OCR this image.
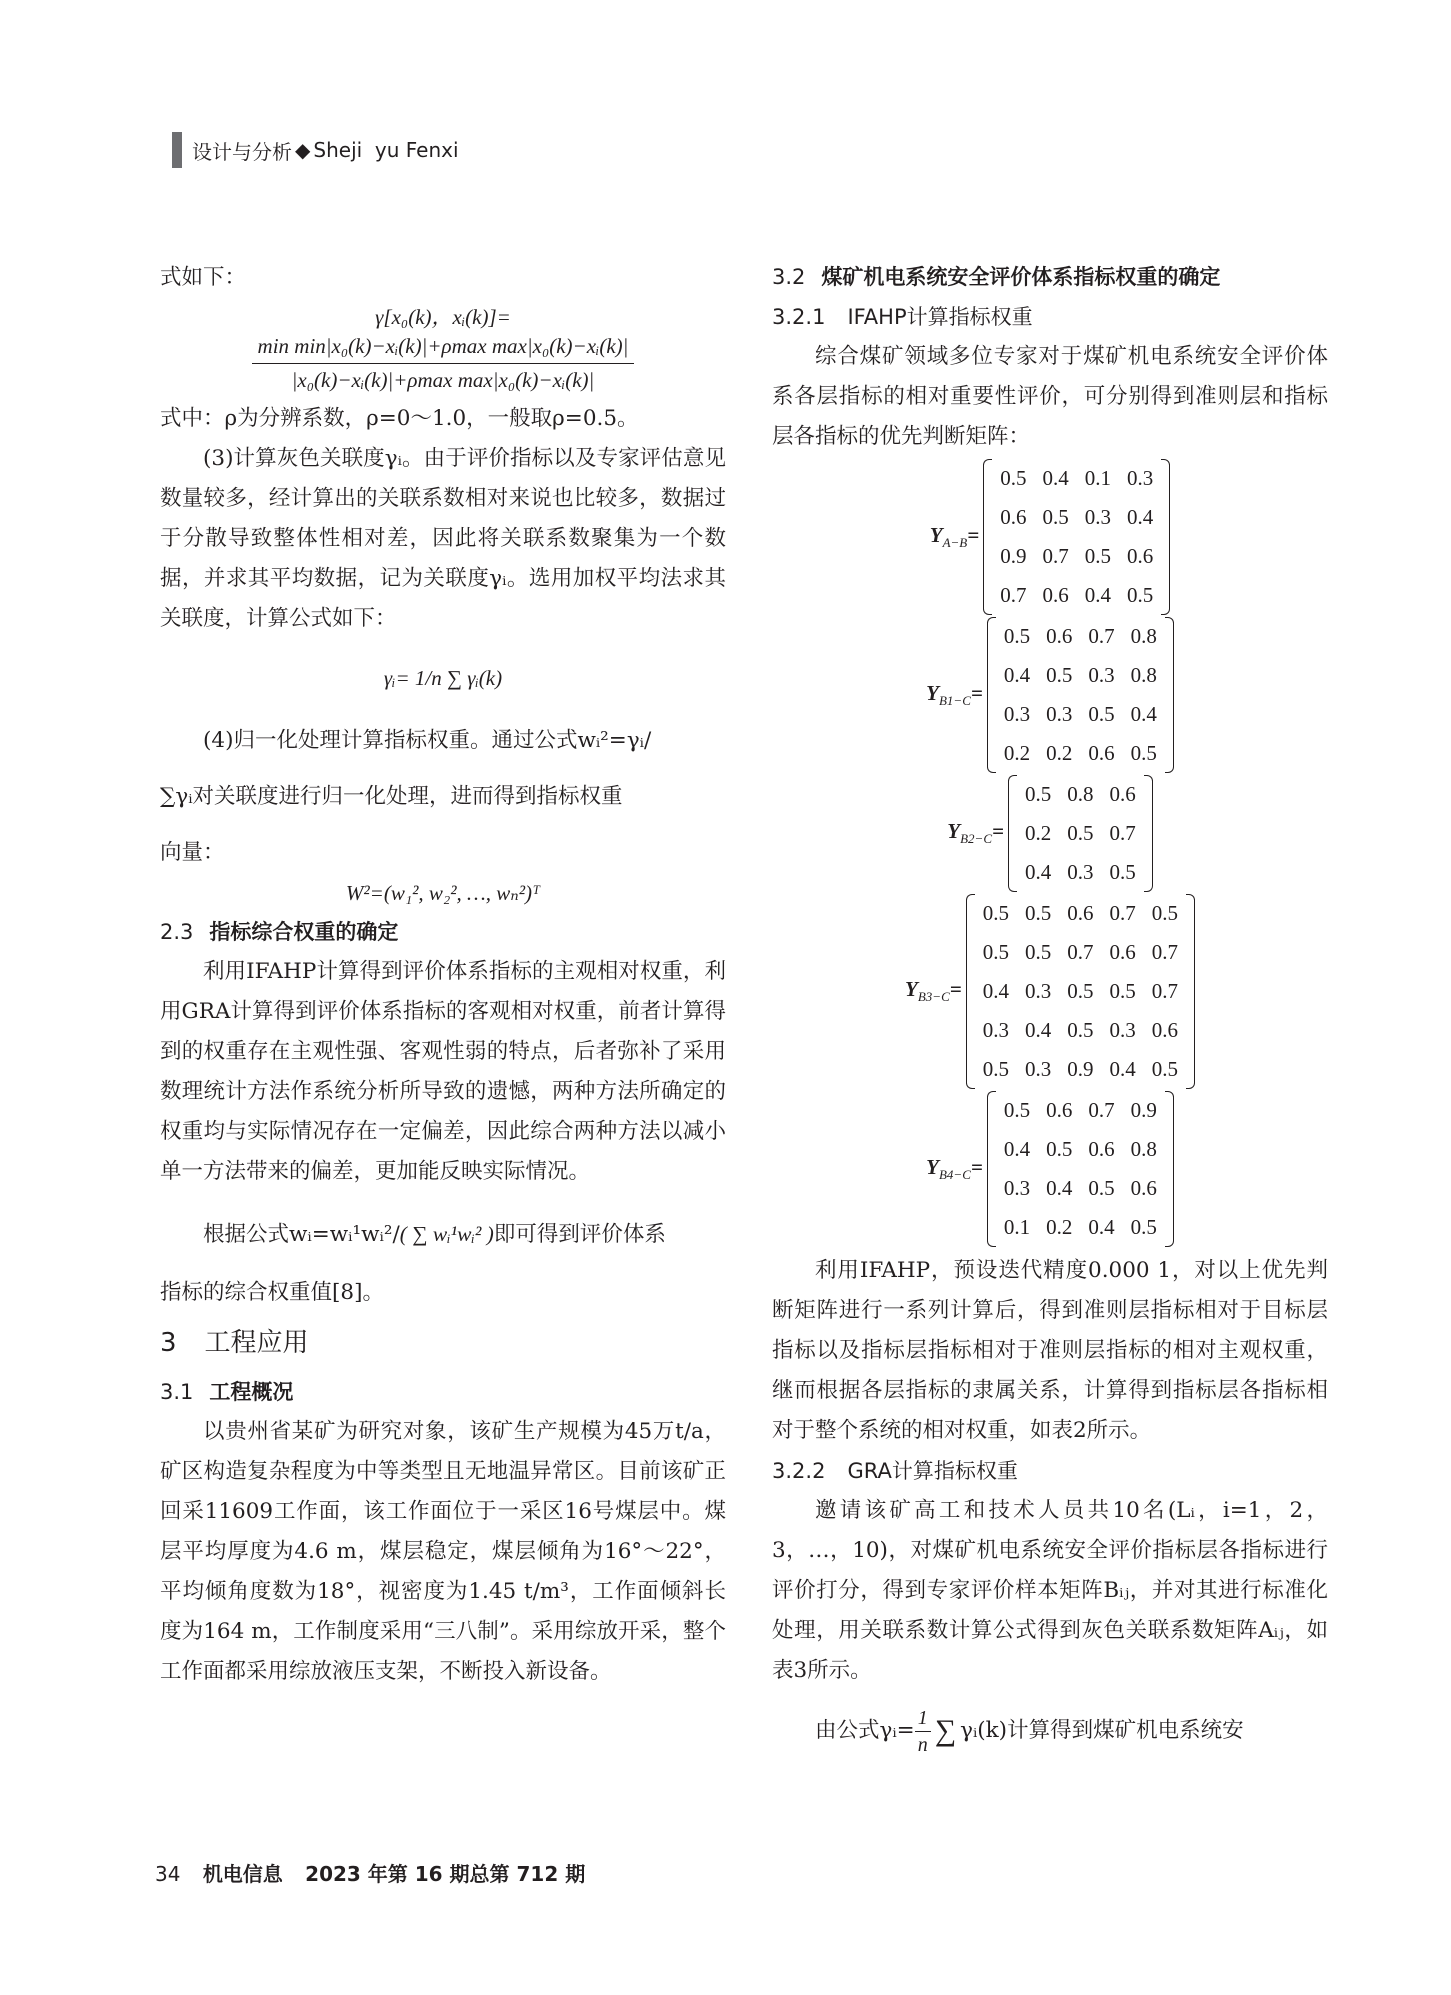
设计与分析 ◆ Sheji  yu Fenxi

式如下：

γ[x₀(k)，xᵢ(k)]=
$\frac{\text{min min|x₀(k)−xᵢ(k)|+ρmax max|x₀(k)−xᵢ(k)|}}{\text{|x₀(k)−xᵢ(k)|+ρmax max|x₀(k)−xᵢ(k)|}}$

式中：ρ为分辨系数，ρ=0～1.0，一般取ρ=0.5。

(3)计算灰色关联度γᵢ。由于评价指标以及专家评估意见数量较多，经计算出的关联系数相对来说也比较多，数据过于分散导致整体性相对差，因此将关联系数聚集为一个数据，并求其平均数据，记为关联度γᵢ。选用加权平均法求其关联度，计算公式如下：

γᵢ= 1/n ∑ γᵢ(k)

(4)归一化处理计算指标权重。通过公式wᵢ²=γᵢ/

∑γᵢ对关联度进行归一化处理，进而得到指标权重

向量：

W²=(w₁², w₂², …, wₙ²)ᵀ

2.3 指标综合权重的确定

利用IFAHP计算得到评价体系指标的主观相对权重，利用GRA计算得到评价体系指标的客观相对权重，前者计算得到的权重存在主观性强、客观性弱的特点，后者弥补了采用数理统计方法作系统分析所导致的遗憾，两种方法所确定的权重均与实际情况存在一定偏差，因此综合两种方法以减小单一方法带来的偏差，更加能反映实际情况。

根据公式wᵢ=wᵢ¹wᵢ²/( ∑ wᵢ¹wᵢ² )即可得到评价体系

指标的综合权重值[8]。

3 工程应用

3.1 工程概况

以贵州省某矿为研究对象，该矿生产规模为45万t/a，矿区构造复杂程度为中等类型且无地温异常区。目前该矿正回采11609工作面，该工作面位于一采区16号煤层中。煤层平均厚度为4.6 m，煤层稳定，煤层倾角为16°～22°，平均倾角度数为18°，视密度为1.45 t/m³，工作面倾斜长度为164 m，工作制度采用“三八制”。采用综放开采，整个工作面都采用综放液压支架，不断投入新设备。

3.2 煤矿机电系统安全评价体系指标权重的确定

3.2.1 IFAHP计算指标权重

综合煤矿领域多位专家对于煤矿机电系统安全评价体系各层指标的相对重要性评价，可分别得到准则层和指标层各指标的优先判断矩阵：

$Y_{A-B}=$
0.5	0.4	0.1	0.3
0.6	0.5	0.3	0.4
0.9	0.7	0.5	0.6
0.7	0.6	0.4	0.5
$Y_{B1-C}=$
0.5	0.6	0.7	0.8
0.4	0.5	0.3	0.8
0.3	0.3	0.5	0.4
0.2	0.2	0.6	0.5
$Y_{B2-C}=$
0.5	0.8	0.6
0.2	0.5	0.7
0.4	0.3	0.5
$Y_{B3-C}=$
0.5	0.5	0.6	0.7	0.5
0.5	0.5	0.7	0.6	0.7
0.4	0.3	0.5	0.5	0.7
0.3	0.4	0.5	0.3	0.6
0.5	0.3	0.9	0.4	0.5
$Y_{B4-C}=$
0.5	0.6	0.7	0.9
0.4	0.5	0.6	0.8
0.3	0.4	0.5	0.6
0.1	0.2	0.4	0.5

利用IFAHP，预设迭代精度0.000 1，对以上优先判断矩阵进行一系列计算后，得到准则层指标相对于目标层指标以及指标层指标相对于准则层指标的相对主观权重，继而根据各层指标的隶属关系，计算得到指标层各指标相对于整个系统的相对权重，如表2所示。

3.2.2 GRA计算指标权重

邀请该矿高工和技术人员共10名(Lᵢ，i=1，2，3，…，10)，对煤矿机电系统安全评价指标层各指标进行评价打分，得到专家评价样本矩阵Bᵢⱼ，并对其进行标准化处理，用关联系数计算公式得到灰色关联系数矩阵Aᵢⱼ，如表3所示。

由公式γᵢ= $\frac{1}{n}$ ∑ γᵢ(k)计算得到煤矿机电系统安

34 机电信息 2023 年第 16 期总第 712 期
